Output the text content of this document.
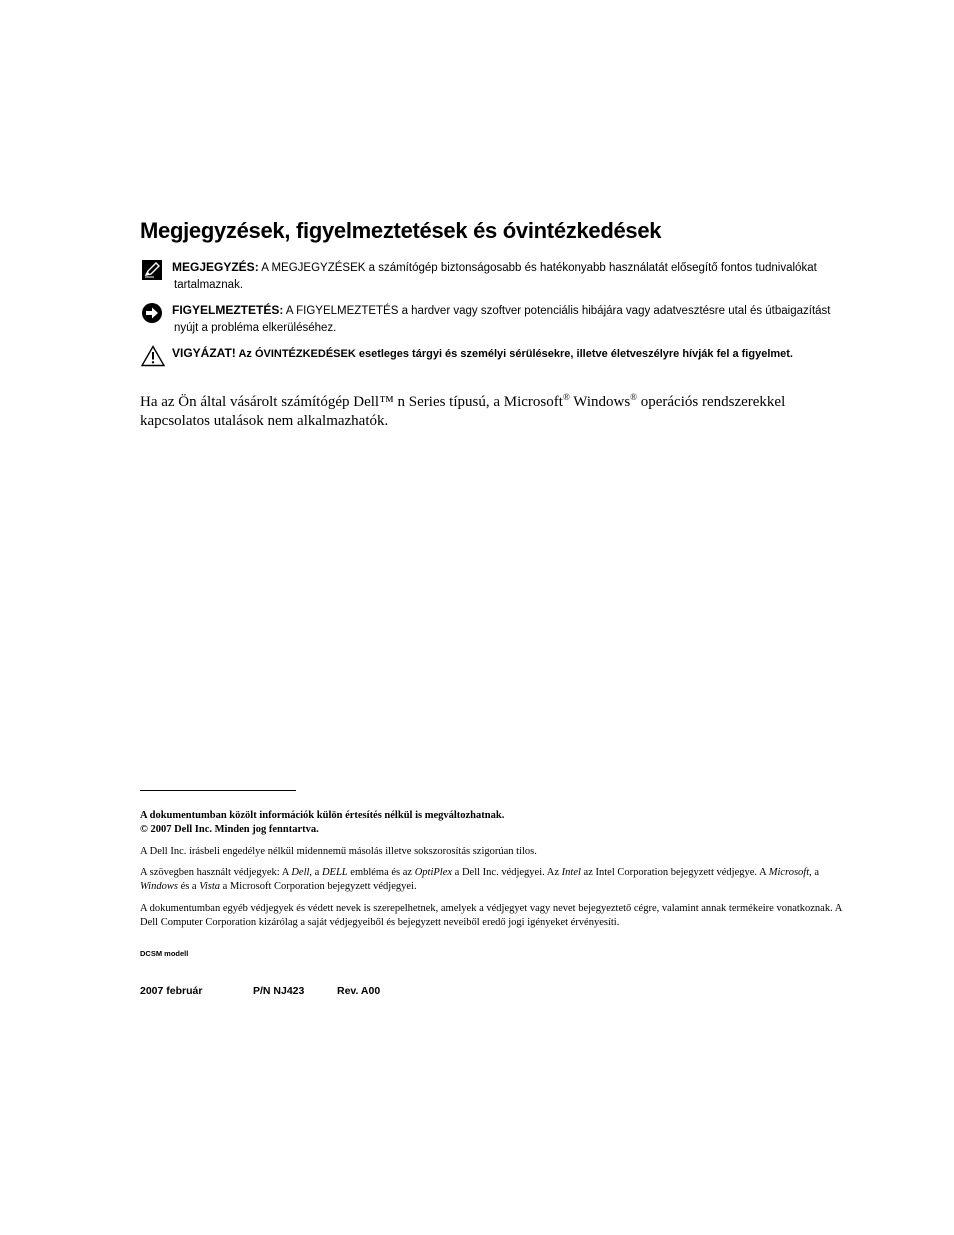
Megjegyzések, figyelmeztetések és óvintézkedések
MEGJEGYZÉS: A MEGJEGYZÉSEK a számítógép biztonságosabb és hatékonyabb használatát elősegítő fontos tudnivalókat
tartalmaznak.
FIGYELMEZTETÉS: A FIGYELMEZTETÉS a hardver vagy szoftver potenciális hibájára vagy adatvesztésre utal és útbaigazítást
nyújt a probléma elkerüléséhez.
VIGYÁZAT! Az ÓVINTÉZKEDÉSEK esetleges tárgyi és személyi sérülésekre, illetve életveszélyre hívják fel a figyelmet.

Ha az Ön által vásárolt számítógép Dell™ n Series típusú, a Microsoft® Windows® operációs rendszerekkel kapcsolatos utalások nem alkalmazhatók.

A dokumentumban közölt információk külön értesítés nélkül is megváltozhatnak.
© 2007 Dell Inc. Minden jog fenntartva.
A Dell Inc. írásbeli engedélye nélkül midennemű másolás illetve sokszorosítás szigorúan tilos.
A szövegben használt védjegyek: A Dell, a DELL embléma és az OptiPlex a Dell Inc. védjegyei. Az Intel az Intel Corporation bejegyzett védjegye. A Microsoft, a Windows és a Vista a Microsoft Corporation bejegyzett védjegyei.
A dokumentumban egyéb védjegyek és védett nevek is szerepelhetnek, amelyek a védjegyet vagy nevet bejegyeztető cégre, valamint annak termékeire vonatkoznak. A Dell Computer Corporation kizárólag a saját védjegyeiből és bejegyzett neveiből eredő jogi igényeket érvényesíti.
DCSM modell
2007 február	P/N NJ423	Rev. A00
